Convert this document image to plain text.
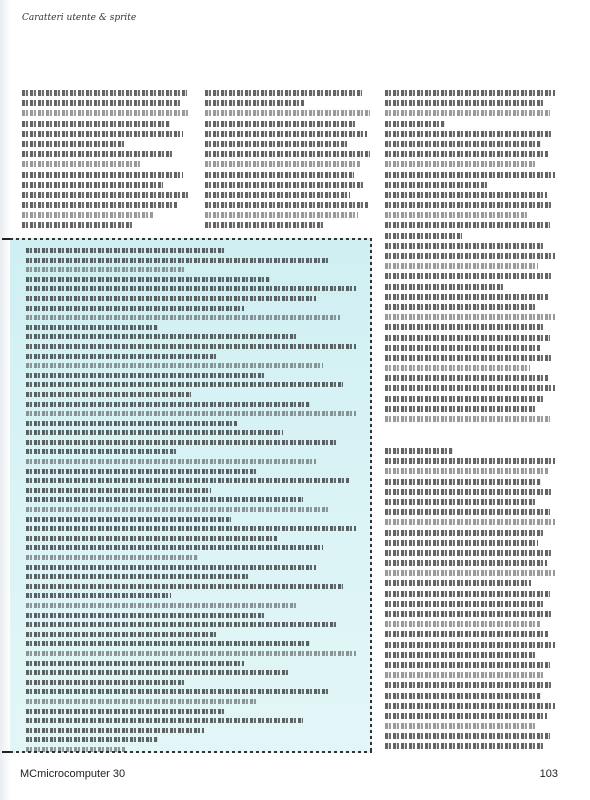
Caratteri utente & sprite
MCmicrocomputer 30	103
